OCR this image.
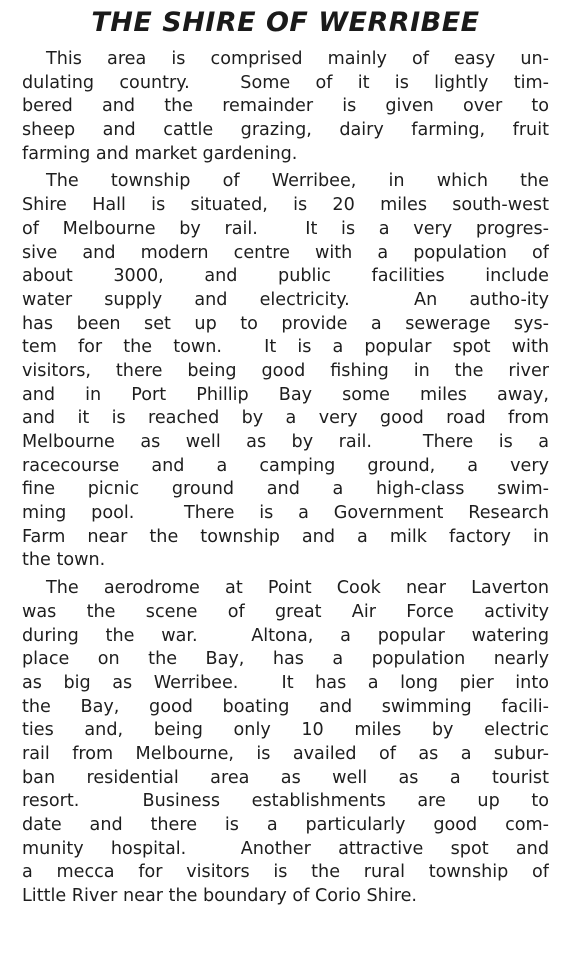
THE SHIRE OF WERRIBEE
This area is comprised mainly of easy un-
dulating country.  Some of it is lightly tim-
bered and the remainder is given over to
sheep and cattle grazing, dairy farming, fruit
farming and market gardening.
The township of Werribee, in which the
Shire Hall is situated, is 20 miles south-west
of Melbourne by rail.  It is a very progres-
sive and modern centre with a population of
about 3000, and public facilities include
water supply and electricity.  An autho-ity
has been set up to provide a sewerage sys-
tem for the town.  It is a popular spot with
visitors, there being good fishing in the river
and in Port Phillip Bay some miles away,
and it is reached by a very good road from
Melbourne as well as by rail.  There is a
racecourse and a camping ground, a very
fine picnic ground and a high-class swim-
ming pool.  There is a Government Research
Farm near the township and a milk factory in
the town.
The aerodrome at Point Cook near Laverton
was the scene of great Air Force activity
during the war.  Altona, a popular watering
place on the Bay, has a population nearly
as big as Werribee.  It has a long pier into
the Bay, good boating and swimming facili-
ties and, being only 10 miles by electric
rail from Melbourne, is availed of as a subur-
ban residential area as well as a tourist
resort.  Business establishments are up to
date and there is a particularly good com-
munity hospital.  Another attractive spot and
a mecca for visitors is the rural township of
Little River near the boundary of Corio Shire.
